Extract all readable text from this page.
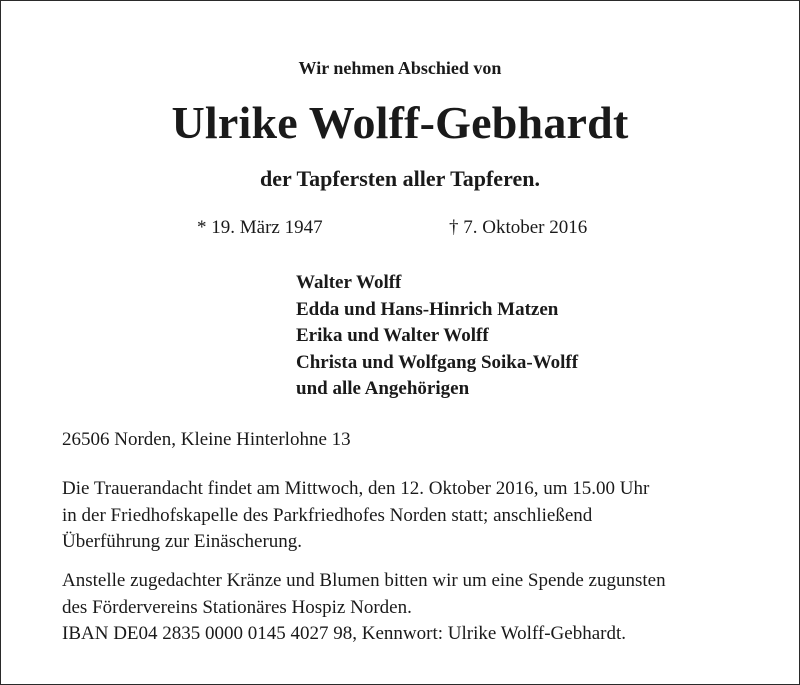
Wir nehmen Abschied von
Ulrike Wolff-Gebhardt
der Tapfersten aller Tapferen.
* 19. März 1947	† 7. Oktober 2016
Walter Wolff
Edda und Hans-Hinrich Matzen
Erika und Walter Wolff
Christa und Wolfgang Soika-Wolff
und alle Angehörigen
26506 Norden, Kleine Hinterlohne 13
Die Trauerandacht findet am Mittwoch, den 12. Oktober 2016, um 15.00 Uhr
in der Friedhofskapelle des Parkfriedhofes Norden statt; anschließend
Überführung zur Einäscherung.
Anstelle zugedachter Kränze und Blumen bitten wir um eine Spende zugunsten
des Fördervereins Stationäres Hospiz Norden.
IBAN DE04 2835 0000 0145 4027 98, Kennwort: Ulrike Wolff-Gebhardt.
